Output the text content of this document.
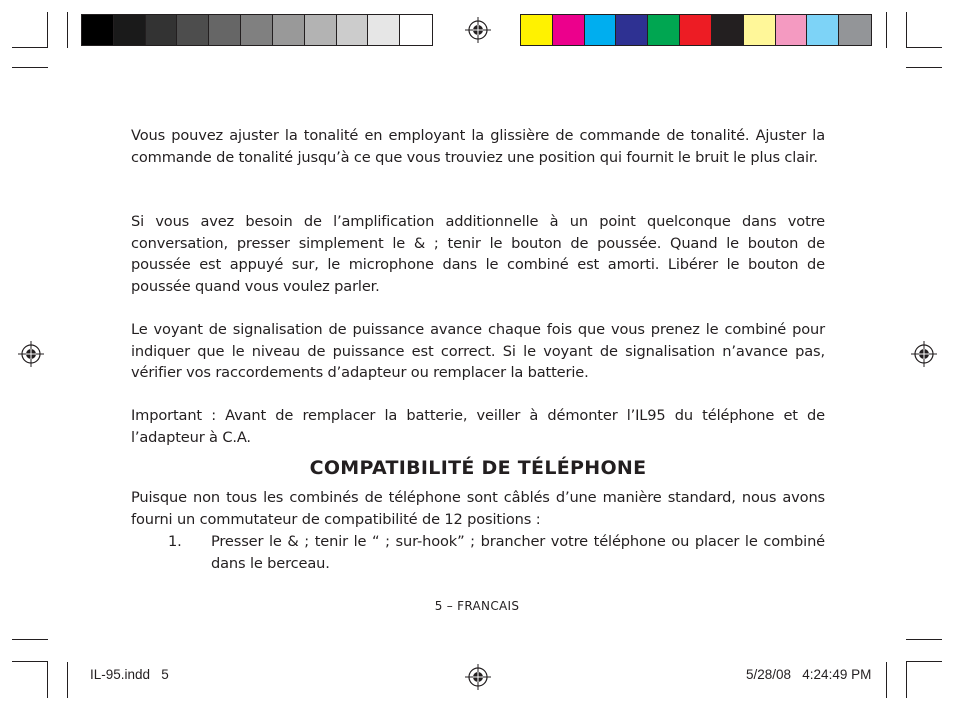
Vous pouvez ajuster la tonalité en employant la glissière de commande de tonalité. Ajuster la commande de tonalité jusqu’à ce que vous trouviez une position qui fournit le bruit le plus clair.

Si vous avez besoin de l’amplification additionnelle à un point quelconque dans votre conversation, presser simplement le & ; tenir le bouton de poussée. Quand le bouton de poussée est appuyé sur, le microphone dans le combiné est amorti. Libérer le bouton de poussée quand vous voulez parler.

Le voyant de signalisation de puissance avance chaque fois que vous prenez le combiné pour indiquer que le niveau de puissance est correct. Si le voyant de signalisation n’avance pas, vérifier vos raccordements d’adapteur ou remplacer la batterie.

Important : Avant de remplacer la batterie, veiller à démonter l’IL95 du téléphone et de l’adapteur à C.A.

COMPATIBILITÉ DE TÉLÉPHONE

Puisque non tous les combinés de téléphone sont câblés d’une manière standard, nous avons fourni un commutateur de compatibilité de 12 positions :

1. Presser le & ; tenir le “ ; sur-hook” ; brancher votre téléphone ou placer le combiné dans le berceau.
5 – FRANCAIS
IL-95.indd   5	5/28/08   4:24:49 PM
